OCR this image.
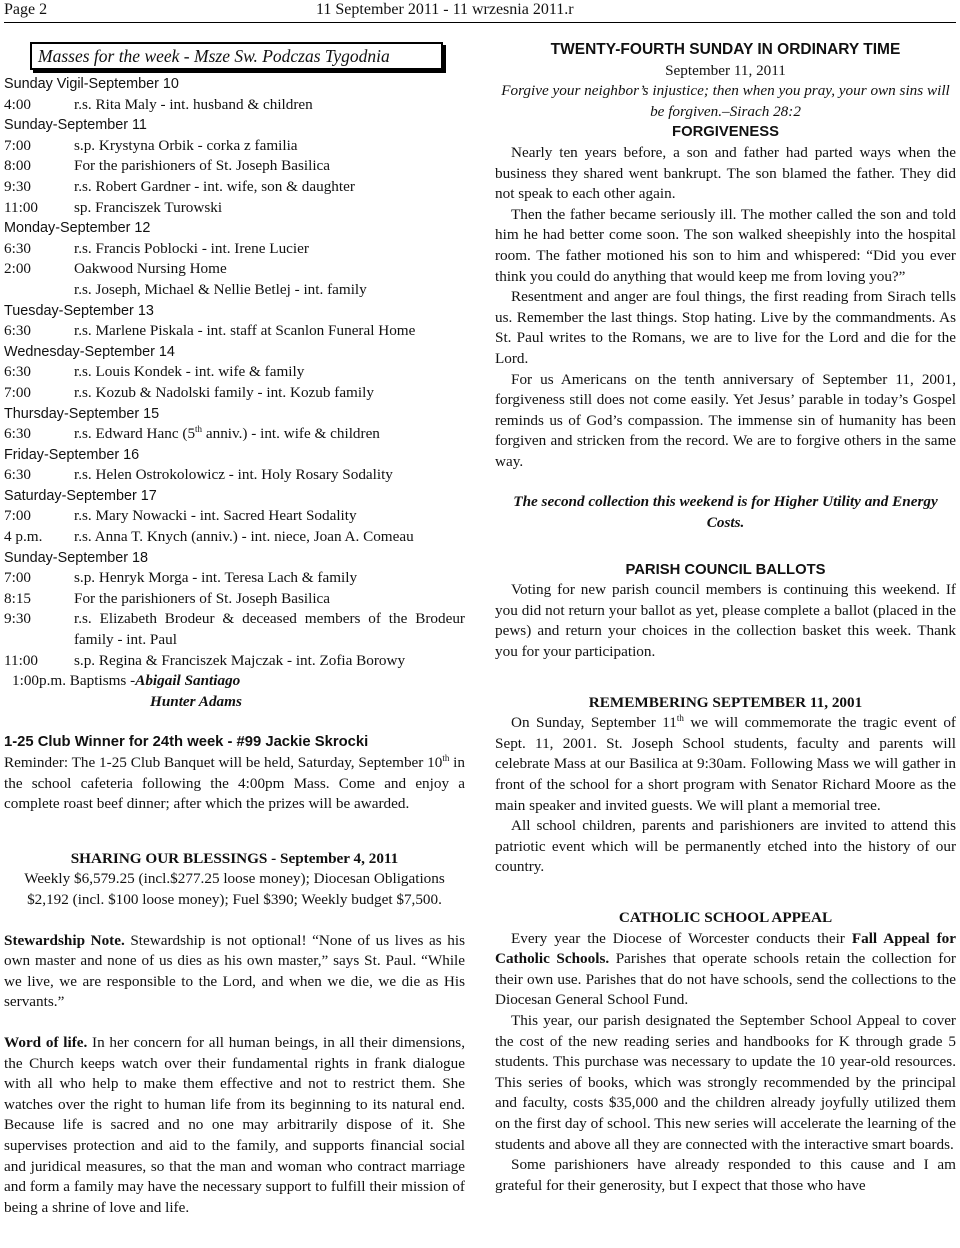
Page 2	11 September 2011 - 11 wrzesnia 2011.r
Masses for the week - Msze Sw. Podczas Tygodnia
Sunday Vigil-September 10
4:00	r.s. Rita Maly - int. husband & children
Sunday-September 11
7:00	s.p. Krystyna Orbik - corka z familia
8:00	For the parishioners of St. Joseph Basilica
9:30	r.s. Robert Gardner - int. wife, son & daughter
11:00	sp. Franciszek Turowski
Monday-September 12
6:30	r.s. Francis Poblocki - int. Irene Lucier
2:00	Oakwood Nursing Home
r.s. Joseph, Michael & Nellie Betlej - int. family
Tuesday-September 13
6:30	r.s. Marlene Piskala - int. staff at Scanlon Funeral Home
Wednesday-September 14
6:30	r.s. Louis Kondek - int. wife & family
7:00	r.s. Kozub & Nadolski family - int. Kozub family
Thursday-September 15
6:30	r.s. Edward Hanc (5th anniv.) - int. wife & children
Friday-September 16
6:30	r.s. Helen Ostrokolowicz - int. Holy Rosary Sodality
Saturday-September 17
7:00	r.s. Mary Nowacki - int. Sacred Heart Sodality
4 p.m.	r.s. Anna T. Knych (anniv.) - int. niece, Joan A. Comeau
Sunday-September 18
7:00	s.p. Henryk Morga - int. Teresa Lach & family
8:15	For the parishioners of St. Joseph Basilica
9:30	r.s. Elizabeth Brodeur & deceased members of the Brodeur family - int. Paul
11:00	s.p. Regina & Franciszek Majczak - int. Zofia Borowy
1:00p.m. Baptisms - Abigail Santiago
Hunter Adams

1-25 Club Winner for 24th week - #99 Jackie Skrocki

Reminder: The 1-25 Club Banquet will be held, Saturday, September 10th in the school cafeteria following the 4:00pm Mass. Come and enjoy a complete roast beef dinner; after which the prizes will be awarded.

SHARING OUR BLESSINGS - September 4, 2011

Weekly $6,579.25 (incl.$277.25 loose money); Diocesan Obligations $2,192 (incl. $100 loose money); Fuel $390; Weekly budget $7,500.

Stewardship Note. Stewardship is not optional! “None of us lives as his own master and none of us dies as his own master,” says St. Paul. “While we live, we are responsible to the Lord, and when we die, we die as His servants.”

Word of life. In her concern for all human beings, in all their dimensions, the Church keeps watch over their fundamental rights in frank dialogue with all who help to make them effective and not to restrict them. She watches over the right to human life from its beginning to its natural end. Because life is sacred and no one may arbitrarily dispose of it. She supervises protection and aid to the family, and supports financial social and juridical measures, so that the man and woman who contract marriage and form a family may have the necessary support to fulfill their mission of being a shrine of love and life.

TWENTY-FOURTH SUNDAY IN ORDINARY TIME

September 11, 2011

Forgive your neighbor’s injustice; then when you pray, your own sins will be forgiven.–Sirach 28:2

FORGIVENESS

Nearly ten years before, a son and father had parted ways when the business they shared went bankrupt. The son blamed the father. They did not speak to each other again.

Then the father became seriously ill. The mother called the son and told him he had better come soon. The son walked sheepishly into the hospital room. The father motioned his son to him and whispered: “Did you ever think you could do anything that would keep me from loving you?”

Resentment and anger are foul things, the first reading from Sirach tells us. Remember the last things. Stop hating. Live by the commandments. As St. Paul writes to the Romans, we are to live for the Lord and die for the Lord.

For us Americans on the tenth anniversary of September 11, 2001, forgiveness still does not come easily. Yet Jesus’ parable in today’s Gospel reminds us of God’s compassion. The immense sin of humanity has been forgiven and stricken from the record. We are to forgive others in the same way.

The second collection this weekend is for Higher Utility and Energy Costs.

PARISH COUNCIL BALLOTS

Voting for new parish council members is continuing this weekend. If you did not return your ballot as yet, please complete a ballot (placed in the pews) and return your choices in the collection basket this week. Thank you for your participation.

REMEMBERING SEPTEMBER 11, 2001

On Sunday, September 11th we will commemorate the tragic event of Sept. 11, 2001. St. Joseph School students, faculty and parents will celebrate Mass at our Basilica at 9:30am. Following Mass we will gather in front of the school for a short program with Senator Richard Moore as the main speaker and invited guests. We will plant a memorial tree.

All school children, parents and parishioners are invited to attend this patriotic event which will be permanently etched into the history of our country.

CATHOLIC SCHOOL APPEAL

Every year the Diocese of Worcester conducts their Fall Appeal for Catholic Schools. Parishes that operate schools retain the collection for their own use. Parishes that do not have schools, send the collections to the Diocesan General School Fund.

This year, our parish designated the September School Appeal to cover the cost of the new reading series and handbooks for K through grade 5 students. This purchase was necessary to update the 10 year-old resources. This series of books, which was strongly recommended by the principal and faculty, costs $35,000 and the children already joyfully utilized them on the first day of school. This new series will accelerate the learning of the students and above all they are connected with the interactive smart boards.

Some parishioners have already responded to this cause and I am grateful for their generosity, but I expect that those who have
